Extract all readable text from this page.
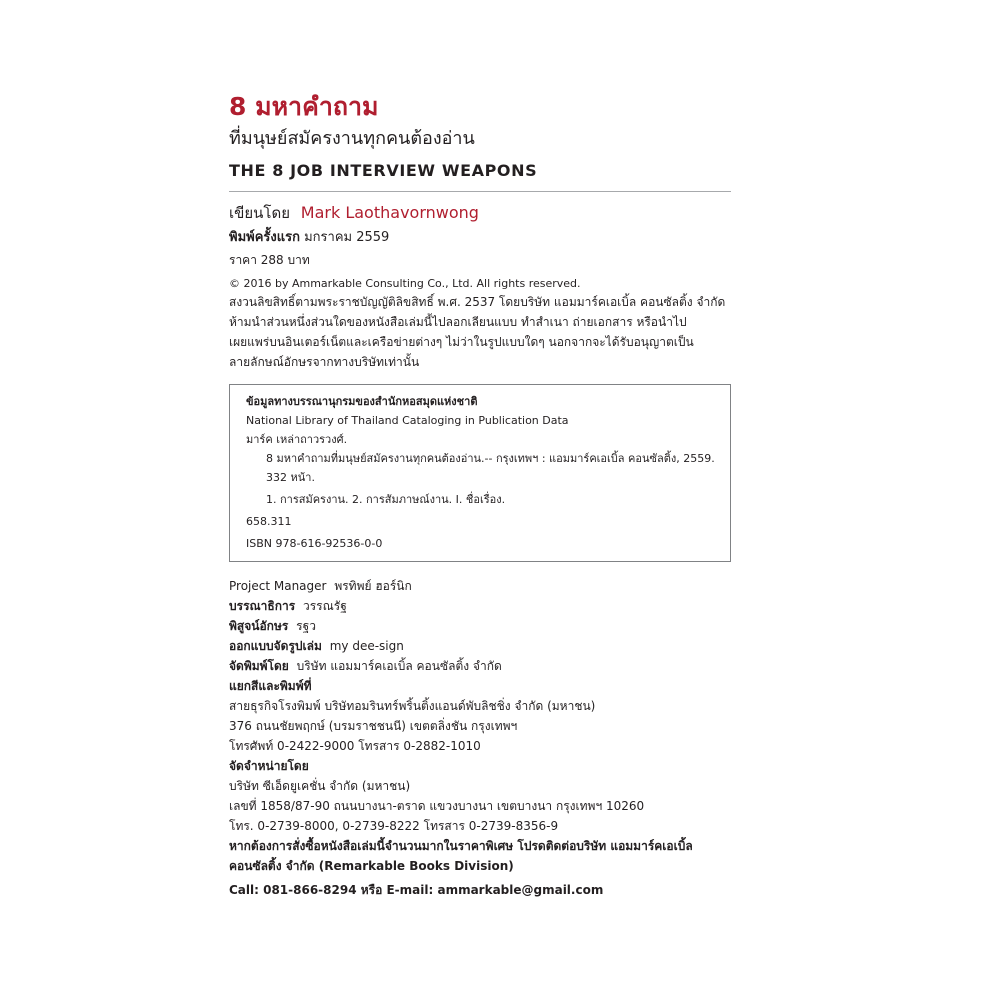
8 มหาคำถาม
ที่มนุษย์สมัครงานทุกคนต้องอ่าน
THE 8 JOB INTERVIEW WEAPONS
เขียนโดย Mark Laothavornwong
พิมพ์ครั้งแรก มกราคม 2559
ราคา 288 บาท
© 2016 by Ammarkable Consulting Co., Ltd. All rights reserved.
สงวนลิขสิทธิ์ตามพระราชบัญญัติลิขสิทธิ์ พ.ศ. 2537 โดยบริษัท แอมมาร์คเอเบิ้ล คอนซัลติ้ง จำกัด
ห้ามนำส่วนหนึ่งส่วนใดของหนังสือเล่มนี้ไปลอกเลียนแบบ ทำสำเนา ถ่ายเอกสาร หรือนำไป
เผยแพร่บนอินเตอร์เน็ตและเครือข่ายต่างๆ ไม่ว่าในรูปแบบใดๆ นอกจากจะได้รับอนุญาตเป็น
ลายลักษณ์อักษรจากทางบริษัทเท่านั้น
ข้อมูลทางบรรณานุกรมของสำนักหอสมุดแห่งชาติ
National Library of Thailand Cataloging in Publication Data
มาร์ค เหล่าถาวรวงศ์.
8 มหาคำถามที่มนุษย์สมัครงานทุกคนต้องอ่าน.-- กรุงเทพฯ : แอมมาร์คเอเบิ้ล คอนซัลติ้ง, 2559.
332 หน้า.
1. การสมัครงาน. 2. การสัมภาษณ์งาน. I. ชื่อเรื่อง.
658.311
ISBN 978-616-92536-0-0
Project Manager พรทิพย์ ฮอร์นิก
บรรณาธิการ วรรณรัฐ
พิสูจน์อักษร รฐว
ออกแบบจัดรูปเล่ม my dee-sign
จัดพิมพ์โดย บริษัท แอมมาร์คเอเบิ้ล คอนซัลติ้ง จำกัด
แยกสีและพิมพ์ที่
สายธุรกิจโรงพิมพ์ บริษัทอมรินทร์พริ้นติ้งแอนด์พับลิชชิ่ง จำกัด (มหาชน)
376 ถนนชัยพฤกษ์ (บรมราชชนนี) เขตตลิ่งชัน กรุงเทพฯ
โทรศัพท์ 0-2422-9000 โทรสาร 0-2882-1010
จัดจำหน่ายโดย
บริษัท ซีเอ็ดยูเคชั่น จำกัด (มหาชน)
เลขที่ 1858/87-90 ถนนบางนา-ตราด แขวงบางนา เขตบางนา กรุงเทพฯ 10260
โทร. 0-2739-8000, 0-2739-8222 โทรสาร 0-2739-8356-9
หากต้องการสั่งซื้อหนังสือเล่มนี้จำนวนมากในราคาพิเศษ โปรดติดต่อบริษัท แอมมาร์คเอเบิ้ล
คอนซัลติ้ง จำกัด (Remarkable Books Division)
Call: 081-866-8294 หรือ E-mail: ammarkable@gmail.com
